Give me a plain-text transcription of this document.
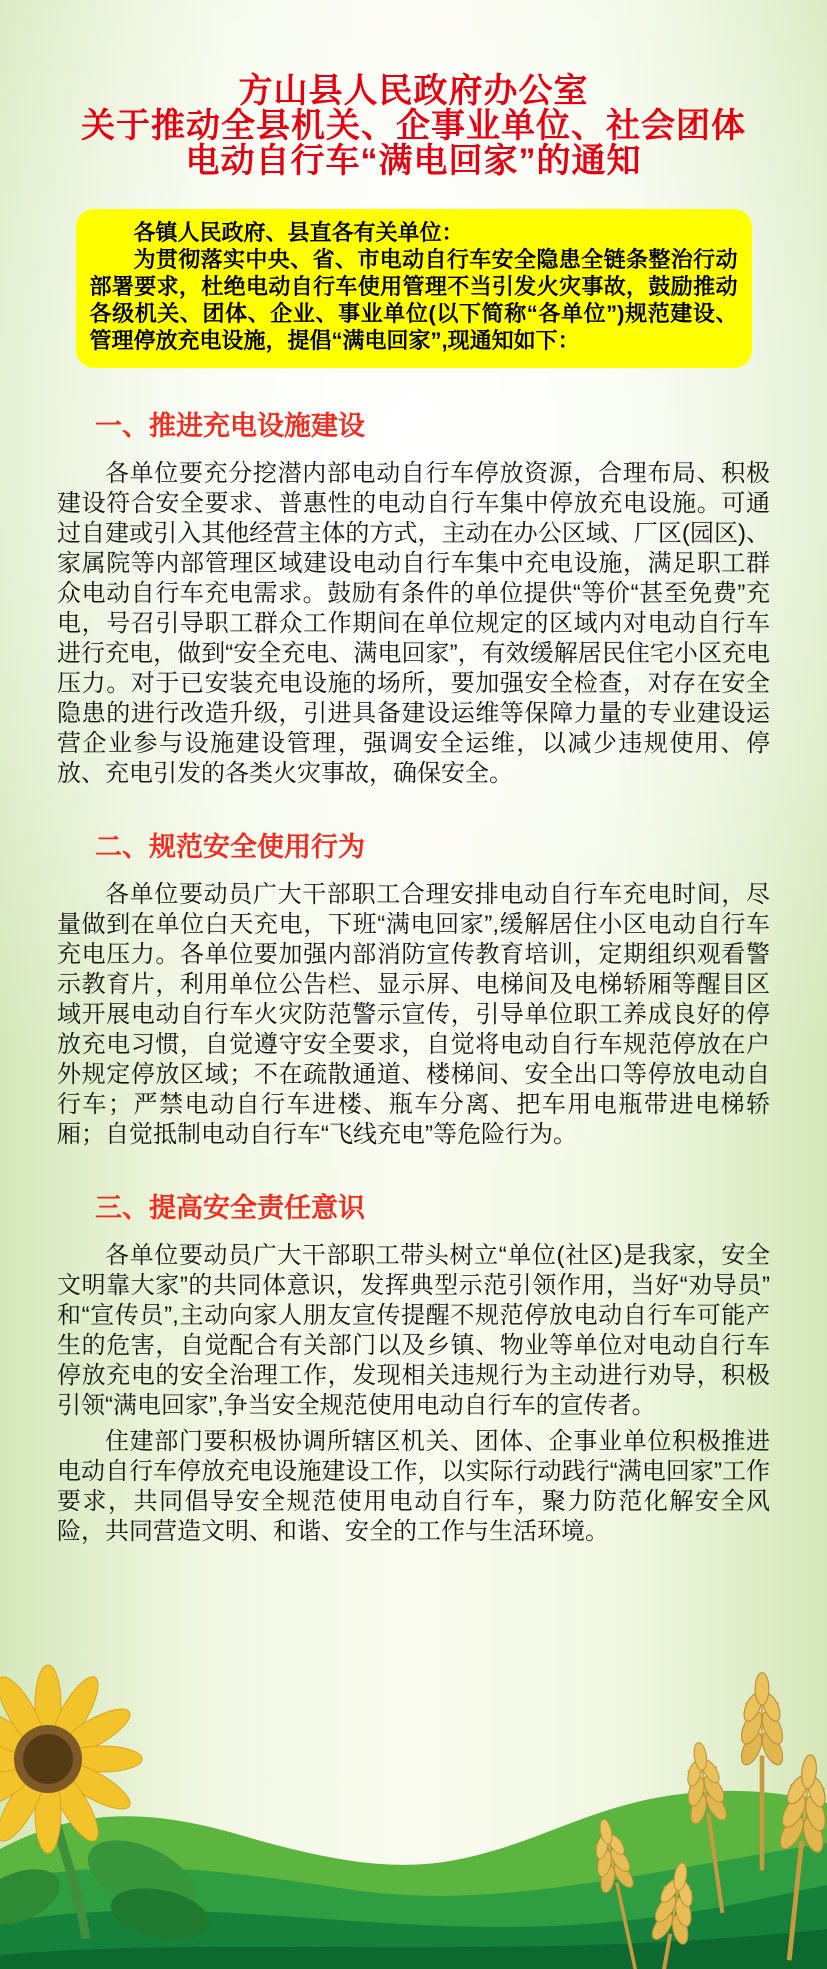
方山县人民政府办公室
关于推动全县机关、企事业单位、社会团体
电动自行车“满电回家”的通知

各镇人民政府、县直各有关单位：

为贯彻落实中央、省、市电动自行车安全隐患全链条整治行动部署要求，杜绝电动自行车使用管理不当引发火灾事故，鼓励推动各级机关、团体、企业、事业单位(以下简称“各单位”)规范建设、管理停放充电设施，提倡“满电回家”,现通知如下：

一、推进充电设施建设

各单位要充分挖潜内部电动自行车停放资源，合理布局、积极建设符合安全要求、普惠性的电动自行车集中停放充电设施。可通过自建或引入其他经营主体的方式，主动在办公区域、厂区(园区)、家属院等内部管理区域建设电动自行车集中充电设施，满足职工群众电动自行车充电需求。鼓励有条件的单位提供“等价“甚至免费”充电，号召引导职工群众工作期间在单位规定的区域内对电动自行车进行充电，做到“安全充电、满电回家”，有效缓解居民住宅小区充电压力。对于已安装充电设施的场所，要加强安全检查，对存在安全隐患的进行改造升级，引进具备建设运维等保障力量的专业建设运营企业参与设施建设管理，强调安全运维，以减少违规使用、停放、充电引发的各类火灾事故，确保安全。

二、规范安全使用行为

各单位要动员广大干部职工合理安排电动自行车充电时间，尽量做到在单位白天充电，下班“满电回家”,缓解居住小区电动自行车充电压力。各单位要加强内部消防宣传教育培训，定期组织观看警示教育片，利用单位公告栏、显示屏、电梯间及电梯轿厢等醒目区域开展电动自行车火灾防范警示宣传，引导单位职工养成良好的停放充电习惯，自觉遵守安全要求，自觉将电动自行车规范停放在户外规定停放区域；不在疏散通道、楼梯间、安全出口等停放电动自行车；严禁电动自行车进楼、瓶车分离、把车用电瓶带进电梯轿厢；自觉抵制电动自行车“飞线充电”等危险行为。

三、提高安全责任意识

各单位要动员广大干部职工带头树立“单位(社区)是我家，安全文明靠大家”的共同体意识，发挥典型示范引领作用，当好“劝导员”和“宣传员”,主动向家人朋友宣传提醒不规范停放电动自行车可能产生的危害，自觉配合有关部门以及乡镇、物业等单位对电动自行车停放充电的安全治理工作，发现相关违规行为主动进行劝导，积极引领“满电回家”,争当安全规范使用电动自行车的宣传者。

住建部门要积极协调所辖区机关、团体、企事业单位积极推进电动自行车停放充电设施建设工作，以实际行动践行“满电回家”工作要求，共同倡导安全规范使用电动自行车，聚力防范化解安全风险，共同营造文明、和谐、安全的工作与生活环境。
